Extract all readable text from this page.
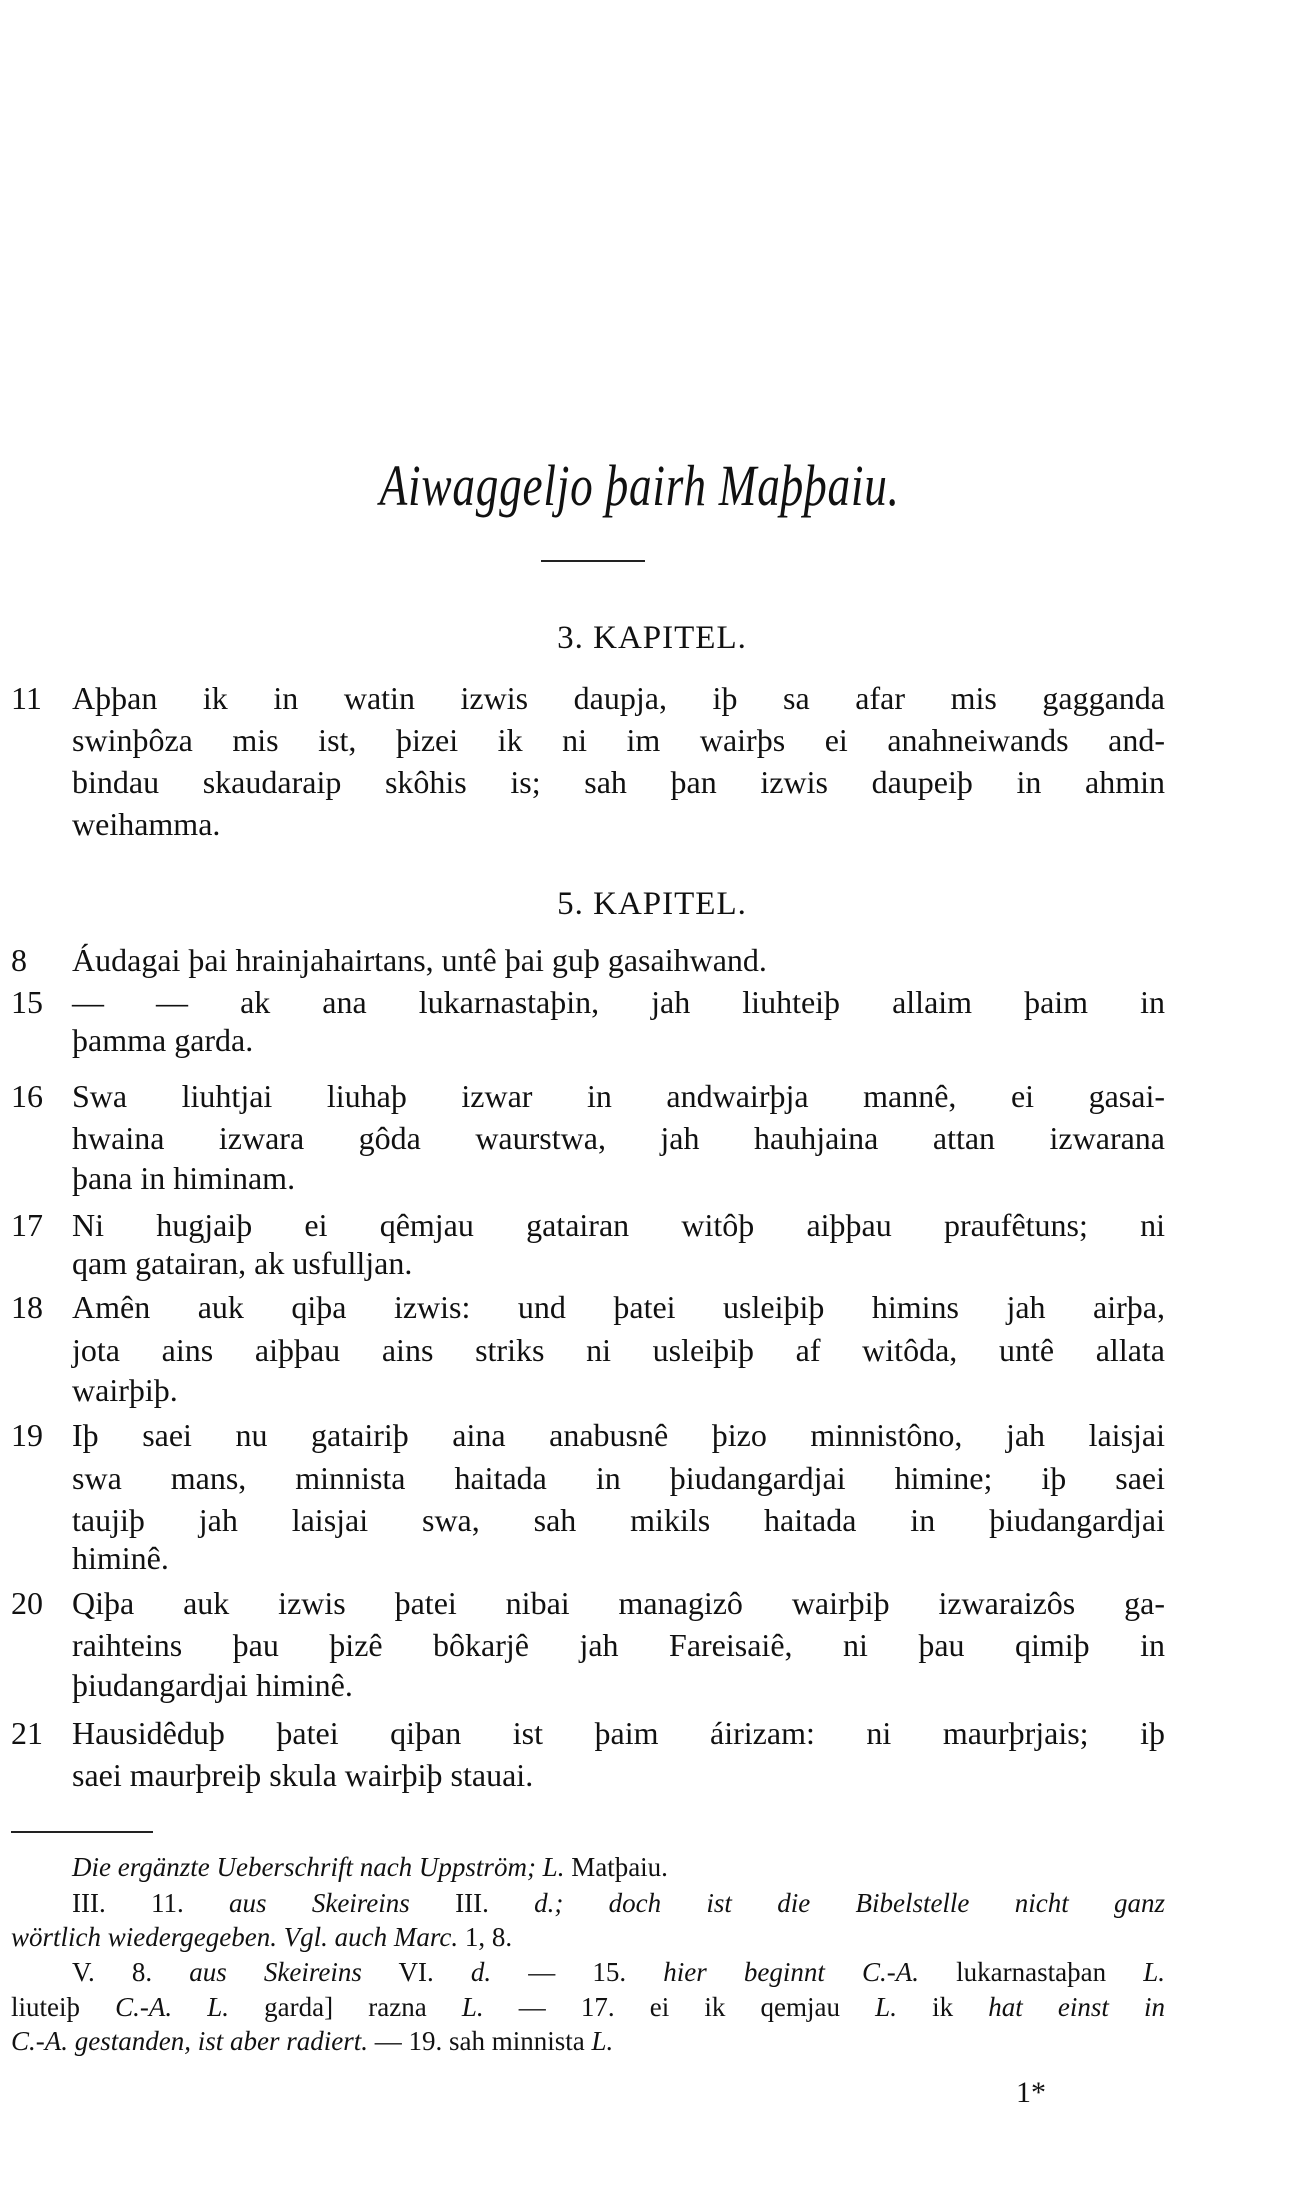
Aiwaggeljo þairh Maþþaiu.
3. KAPITEL.
11 Aþþan ik in watin izwis daupja, iþ sa afar mis gagganda
swinþôza mis ist, þizei ik ni im wairþs ei anahneiwands and-
bindau skaudaraip skôhis is; sah þan izwis daupeiþ in ahmin
weihamma.
5. KAPITEL.
8 Áudagai þai hrainjahairtans, untê þai guþ gasaihwand.
15 — — ak ana lukarnastaþin, jah liuhteiþ allaim þaim in
þamma garda.
16 Swa liuhtjai liuhaþ izwar in andwairþja mannê, ei gasai-
hwaina izwara gôda waurstwa, jah hauhjaina attan izwarana
þana in himinam.
17 Ni hugjaiþ ei qêmjau gatairan witôþ aiþþau praufêtuns; ni
qam gatairan, ak usfulljan.
18 Amên auk qiþa izwis: und þatei usleiþiþ himins jah airþa,
jota ains aiþþau ains striks ni usleiþiþ af witôda, untê allata
wairþiþ.
19 Iþ saei nu gatairiþ aina anabusnê þizo minnistôno, jah laisjai
swa mans, minnista haitada in þiudangardjai himine; iþ saei
taujiþ jah laisjai swa, sah mikils haitada in þiudangardjai
himinê.
20 Qiþa auk izwis þatei nibai managizô wairþiþ izwaraizôs ga-
raihteins þau þizê bôkarjê jah Fareisaiê, ni þau qimiþ in
þiudangardjai himinê.
21 Hausidêduþ þatei qiþan ist þaim áirizam: ni maurþrjais; iþ
saei maurþreiþ skula wairþiþ stauai.
Die ergänzte Ueberschrift nach Uppström; L. Matþaiu.
III. 11. aus Skeireins III. d.; doch ist die Bibelstelle nicht ganz
wörtlich wiedergegeben. Vgl. auch Marc. 1, 8.
V. 8. aus Skeireins VI. d. — 15. hier beginnt C.-A. lukarnastaþan L.
liuteiþ C.-A. L. garda] razna L. — 17. ei ik qemjau L. ik hat einst in
C.-A. gestanden, ist aber radiert. — 19. sah minnista L.
1*
